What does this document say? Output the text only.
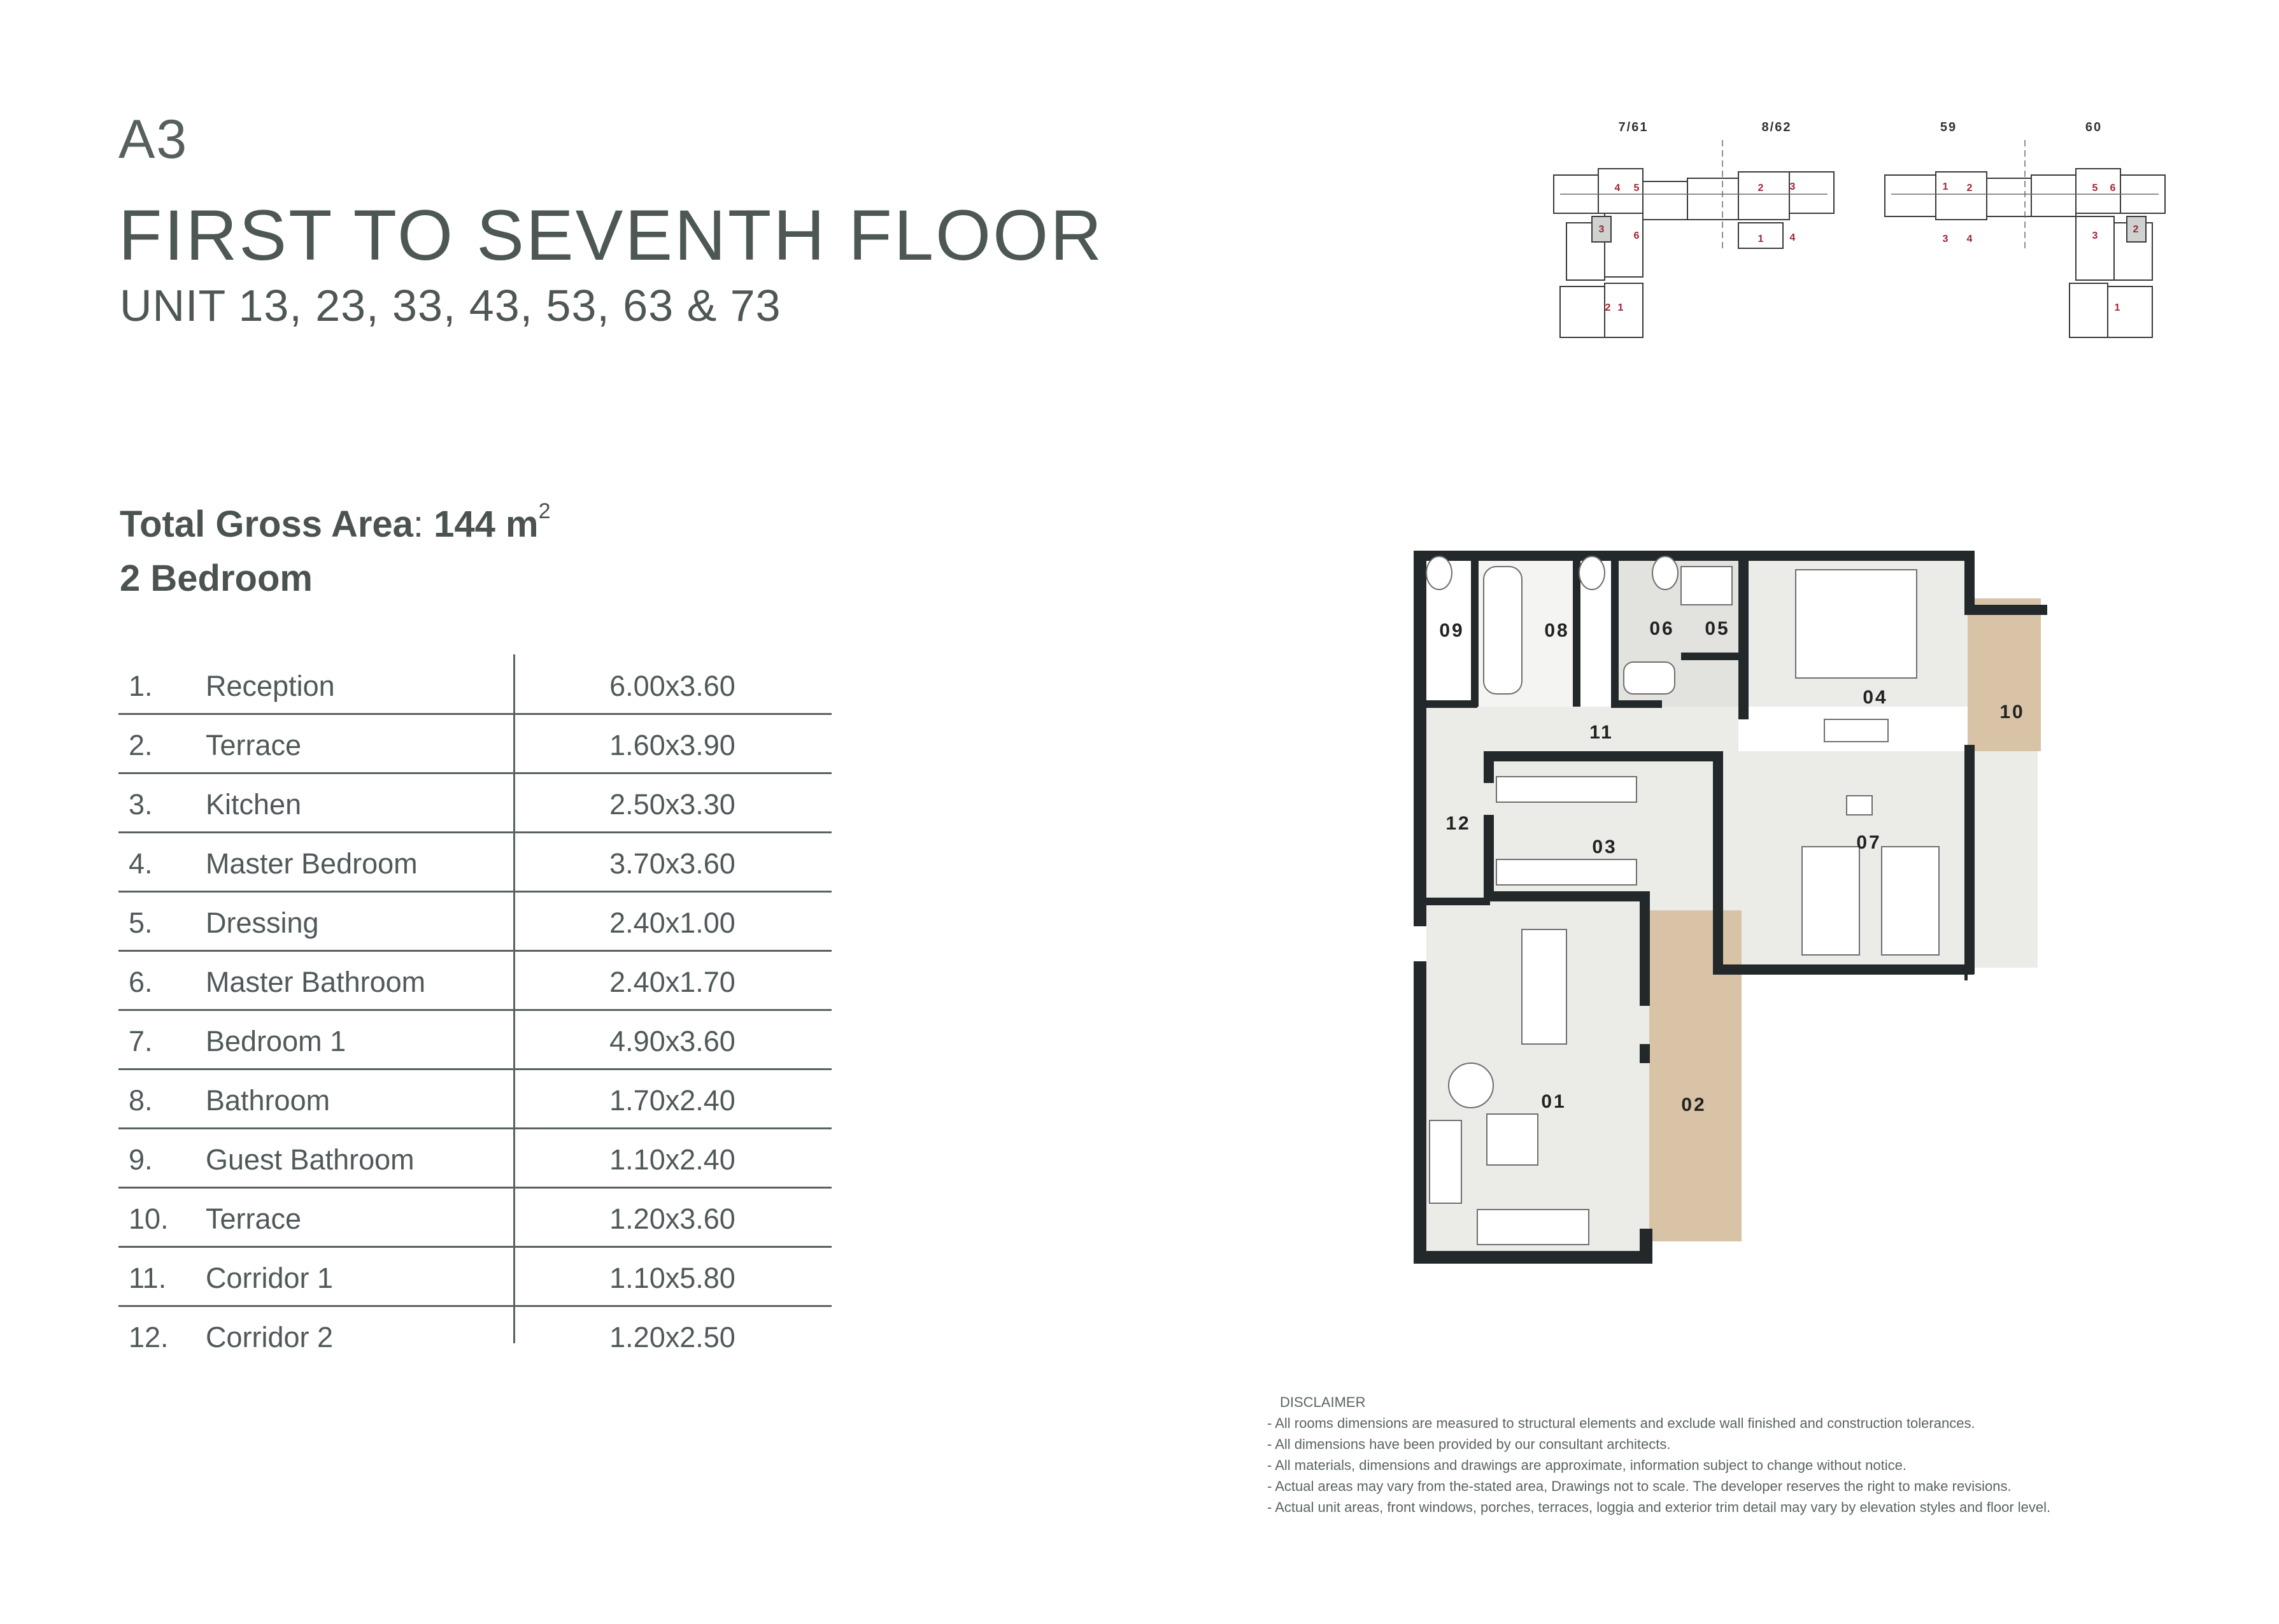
A3
FIRST TO SEVENTH FLOOR
UNIT 13, 23, 33, 43, 53, 63 & 73
Total Gross Area: 144 $m^2$
2 Bedroom
1. Reception	6.00x3.60
2. Terrace	1.60x3.90
3. Kitchen	2.50x3.30
4. Master Bedroom	3.70x3.60
5. Dressing	2.40x1.00
6. Master Bathroom	2.40x1.70
7. Bedroom 1	4.90x3.60
8. Bathroom	1.70x2.40
9. Guest Bathroom	1.10x2.40
10. Terrace	1.20x3.60
11. Corridor 1	1.10x5.80
12. Corridor 2	1.20x2.50
7/61	8/62	59	60
4 5
6
3
2 1
2	3
1	4
1 2
3 4
5 6
3
2
1
09	08	06 05
04
10
11
12
03	07
01	02
DISCLAIMER
- All rooms dimensions are measured to structural elements and exclude wall finished and construction tolerances.
- All dimensions have been provided by our consultant architects.
- All materials, dimensions and drawings are approximate, information subject to change without notice.
- Actual areas may vary from the-stated area, Drawings not to scale. The developer reserves the right to make revisions.
- Actual unit areas, front windows, porches, terraces, loggia and exterior trim detail may vary by elevation styles and floor level.
